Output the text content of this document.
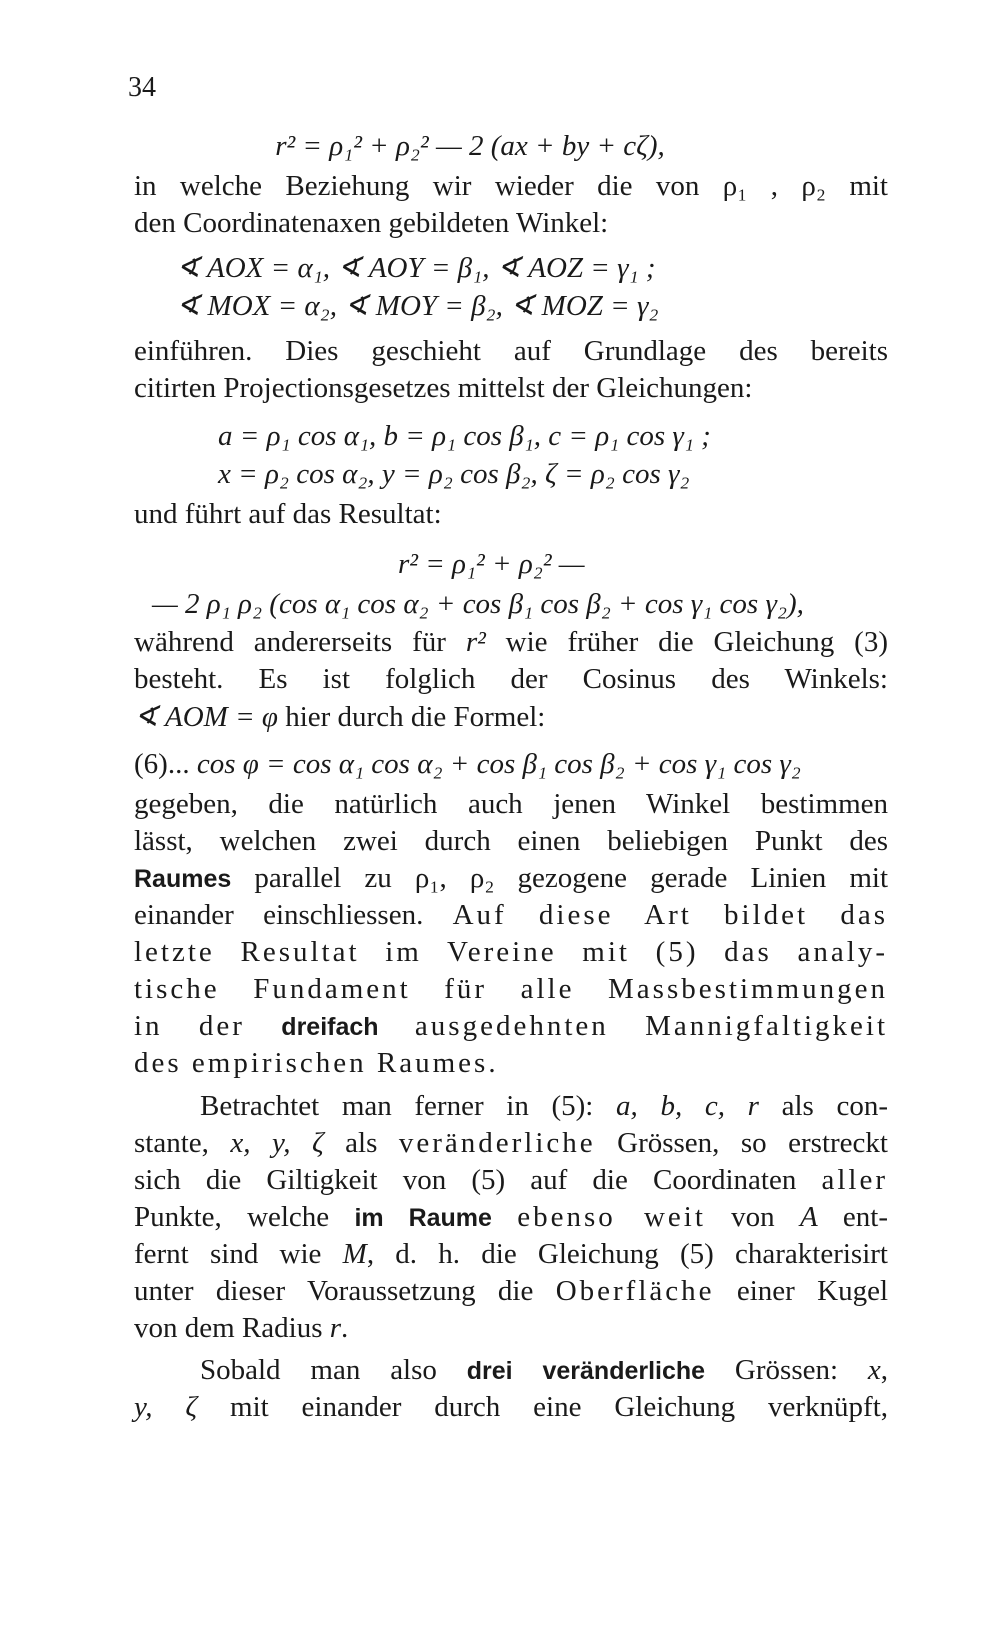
34
r² = ρ₁² + ρ₂² — 2 (ax + by + cζ),
in welche Beziehung wir wieder die von ρ₁ , ρ₂ mit
den Coordinatenaxen gebildeten Winkel:
∢ AOX = α₁, ∢ AOY = β₁, ∢ AOZ = γ₁ ;
∢ MOX = α₂, ∢ MOY = β₂, ∢ MOZ = γ₂
einführen. Dies geschieht auf Grundlage des bereits
citirten Projectionsgesetzes mittelst der Gleichungen:
a = ρ₁ cos α₁, b = ρ₁ cos β₁, c = ρ₁ cos γ₁ ;
x = ρ₂ cos α₂, y = ρ₂ cos β₂, ζ = ρ₂ cos γ₂
und führt auf das Resultat:
r² = ρ₁² + ρ₂² —
— 2 ρ₁ ρ₂ (cos α₁ cos α₂ + cos β₁ cos β₂ + cos γ₁ cos γ₂),
während andererseits für r² wie früher die Gleichung (3)
besteht. Es ist folglich der Cosinus des Winkels:
∢ AOM = φ hier durch die Formel:
(6)... cos φ = cos α₁ cos α₂ + cos β₁ cos β₂ + cos γ₁ cos γ₂
gegeben, die natürlich auch jenen Winkel bestimmen
lässt, welchen zwei durch einen beliebigen Punkt des
Raumes parallel zu ρ₁, ρ₂ gezogene gerade Linien mit
einander einschliessen. Auf diese Art bildet das
letzte Resultat im Vereine mit (5) das analy-
tische Fundament für alle Massbestimmungen
in der dreifach ausgedehnten Mannigfaltigkeit
des empirischen Raumes.
Betrachtet man ferner in (5): a, b, c, r als con-
stante, x, y, ζ als veränderliche Grössen, so erstreckt
sich die Giltigkeit von (5) auf die Coordinaten aller
Punkte, welche im Raume ebenso weit von A ent-
fernt sind wie M, d. h. die Gleichung (5) charakterisirt
unter dieser Voraussetzung die Oberfläche einer Kugel
von dem Radius r.
Sobald man also drei veränderliche Grössen: x,
y, ζ mit einander durch eine Gleichung verknüpft,
